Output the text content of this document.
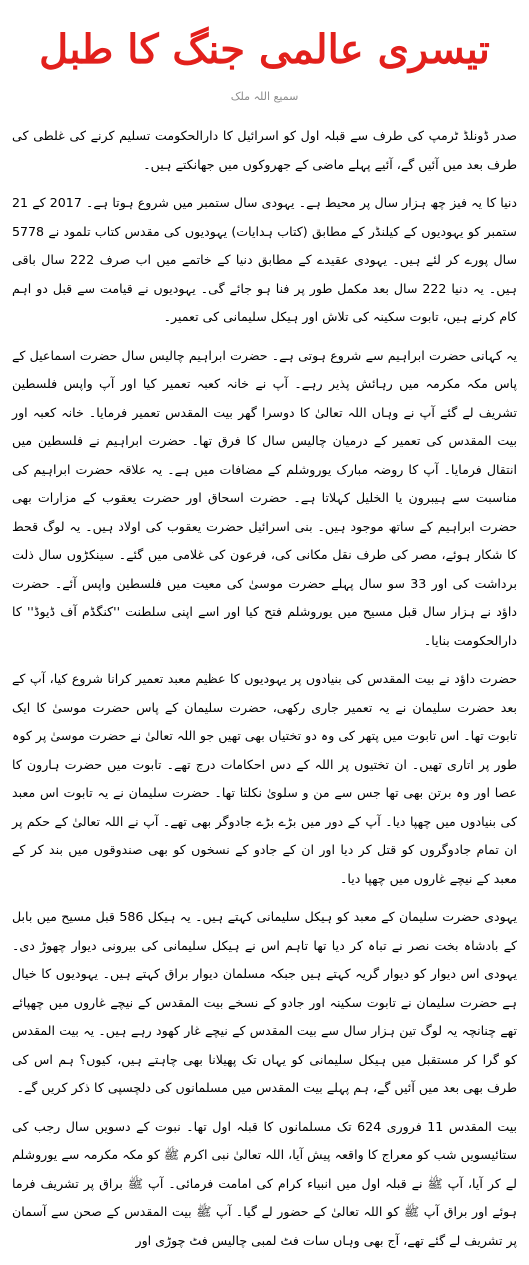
تیسری عالمی جنگ کا طبل
سمیع اللہ ملک

صدر ڈونلڈ ٹرمپ کی طرف سے قبلہ اول کو اسرائیل کا دارالحکومت تسلیم کرنے کی غلطی کی طرف بعد میں آئیں گے، آئیے پہلے ماضی کے جھروکوں میں جھانکتے ہیں۔

دنیا کا یہ فیز چھ ہزار سال پر محیط ہے۔ یہودی سال ستمبر میں شروع ہوتا ہے۔ 2017 کے 21 ستمبر کو یہودیوں کے کیلنڈر کے مطابق (کتاب ہدایات) یہودیوں کی مقدس کتاب تلمود نے 5778 سال پورے کر لئے ہیں۔ یہودی عقیدے کے مطابق دنیا کے خاتمے میں اب صرف 222 سال باقی ہیں۔ یہ دنیا 222 سال بعد مکمل طور پر فنا ہو جائے گی۔ یہودیوں نے قیامت سے قبل دو اہم کام کرنے ہیں، تابوت سکینہ کی تلاش اور ہیکل سلیمانی کی تعمیر۔

یہ کہانی حضرت ابراہیم سے شروع ہوتی ہے۔ حضرت ابراہیم چالیس سال حضرت اسماعیل کے پاس مکہ مکرمہ میں رہائش پذیر رہے۔ آپ نے خانہ کعبہ تعمیر کیا اور آپ واپس فلسطین تشریف لے گئے آپ نے وہاں اللہ تعالیٰ کا دوسرا گھر بیت المقدس تعمیر فرمایا۔ خانہ کعبہ اور بیت المقدس کی تعمیر کے درمیان چالیس سال کا فرق تھا۔ حضرت ابراہیم نے فلسطین میں انتقال فرمایا۔ آپ کا روضہ مبارک یوروشلم کے مضافات میں ہے۔ یہ علاقہ حضرت ابراہیم کی مناسبت سے ہیبرون یا الخلیل کہلاتا ہے۔ حضرت اسحاق اور حضرت یعقوب کے مزارات بھی حضرت ابراہیم کے ساتھ موجود ہیں۔ بنی اسرائیل حضرت یعقوب کی اولاد ہیں۔ یہ لوگ قحط کا شکار ہوئے، مصر کی طرف نقل مکانی کی، فرعون کی غلامی میں گئے۔ سینکڑوں سال ذلت برداشت کی اور 33 سو سال پہلے حضرت موسیٰ کی معیت میں فلسطین واپس آئے۔ حضرت داؤد نے ہزار سال قبل مسیح میں یوروشلم فتح کیا اور اسے اپنی سلطنت ''کنگڈم آف ڈیوڈ'' کا دارالحکومت بنایا۔

حضرت داؤد نے بیت المقدس کی بنیادوں پر یہودیوں کا عظیم معبد تعمیر کرانا شروع کیا، آپ کے بعد حضرت سلیمان نے یہ تعمیر جاری رکھی، حضرت سلیمان کے پاس حضرت موسیٰ کا ایک تابوت تھا۔ اس تابوت میں پتھر کی وہ دو تختیاں بھی تھیں جو اللہ تعالیٰ نے حضرت موسیٰ پر کوہ طور پر اتاری تھیں۔ ان تختیوں پر اللہ کے دس احکامات درج تھے۔ تابوت میں حضرت ہارون کا عصا اور وہ برتن بھی تھا جس سے من و سلویٰ نکلتا تھا۔ حضرت سلیمان نے یہ تابوت اس معبد کی بنیادوں میں چھپا دیا۔ آپ کے دور میں بڑے بڑے جادوگر بھی تھے۔ آپ نے اللہ تعالیٰ کے حکم پر ان تمام جادوگروں کو قتل کر دیا اور ان کے جادو کے نسخوں کو بھی صندوقوں میں بند کر کے معبد کے نیچے غاروں میں چھپا دیا۔

یہودی حضرت سلیمان کے معبد کو ہیکل سلیمانی کہتے ہیں۔ یہ ہیکل 586 قبل مسیح میں بابل کے بادشاہ بخت نصر نے تباہ کر دیا تھا تاہم اس نے ہیکل سلیمانی کی بیرونی دیوار چھوڑ دی۔ یہودی اس دیوار کو دیوار گریہ کہتے ہیں جبکہ مسلمان دیوار براق کہتے ہیں۔ یہودیوں کا خیال ہے حضرت سلیمان نے تابوت سکینہ اور جادو کے نسخے بیت المقدس کے نیچے غاروں میں چھپائے تھے چنانچہ یہ لوگ تین ہزار سال سے بیت المقدس کے نیچے غار کھود رہے ہیں۔ یہ بیت المقدس کو گرا کر مستقبل میں ہیکل سلیمانی کو یہاں تک پھیلانا بھی چاہتے ہیں، کیوں؟ ہم اس کی طرف بھی بعد میں آئیں گے، ہم پہلے بیت المقدس میں مسلمانوں کی دلچسپی کا ذکر کریں گے۔

بیت المقدس 11 فروری 624 تک مسلمانوں کا قبلہ اول تھا۔ نبوت کے دسویں سال رجب کی ستائیسویں شب کو معراج کا واقعہ پیش آیا، اللہ تعالیٰ نبی اکرم ﷺ کو مکہ مکرمہ سے یوروشلم لے کر آیا، آپ ﷺ نے قبلہ اول میں انبیاء کرام کی امامت فرمائی۔ آپ ﷺ براق پر تشریف فرما ہوئے اور براق آپ ﷺ کو اللہ تعالیٰ کے حضور لے گیا۔ آپ ﷺ بیت المقدس کے صحن سے آسمان پر تشریف لے گئے تھے، آج بھی وہاں سات فٹ لمبی چالیس فٹ چوڑی اور
